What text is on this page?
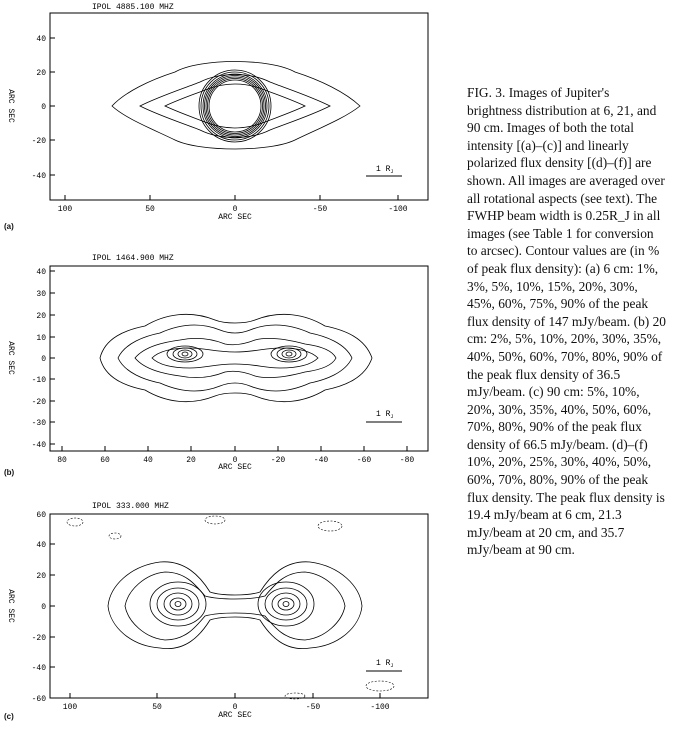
IPOL 4885.100 MHZ
40
20
0
-20
-40
100	50	0	-50	-100
ARC SEC
ARC SEC
1 $R_J$
(a)
IPOL 1464.900 MHZ
40
30
20
10
0
-10
-20
-30
-40
80	60	40	20	0	-20	-40	-60	-80
ARC SEC
ARC SEC
1 $R_J$
(b)
IPOL 333.000 MHZ
60
40
20
0
-20
-40
-60
100	50	0	-50	-100
ARC SEC
ARC SEC
1 $R_J$
(c)
FIG. 3. Images of Jupiter's brightness distribution at 6, 21, and 90 cm. Images of both the total intensity [(a)–(c)] and linearly polarized flux density [(d)–(f)] are shown. All images are averaged over all rotational aspects (see text). The FWHP beam width is 0.25R_J in all images (see Table 1 for conversion to arcsec). Contour values are (in % of peak flux density): (a) 6 cm: 1%, 3%, 5%, 10%, 15%, 20%, 30%, 45%, 60%, 75%, 90% of the peak flux density of 147 mJy/beam. (b) 20 cm: 2%, 5%, 10%, 20%, 30%, 35%, 40%, 50%, 60%, 70%, 80%, 90% of the peak flux density of 36.5 mJy/beam. (c) 90 cm: 5%, 10%, 20%, 30%, 35%, 40%, 50%, 60%, 70%, 80%, 90% of the peak flux density of 66.5 mJy/beam. (d)–(f) 10%, 20%, 25%, 30%, 40%, 50%, 60%, 70%, 80%, 90% of the peak flux density. The peak flux density is 19.4 mJy/beam at 6 cm, 21.3 mJy/beam at 20 cm, and 35.7 mJy/beam at 90 cm.
